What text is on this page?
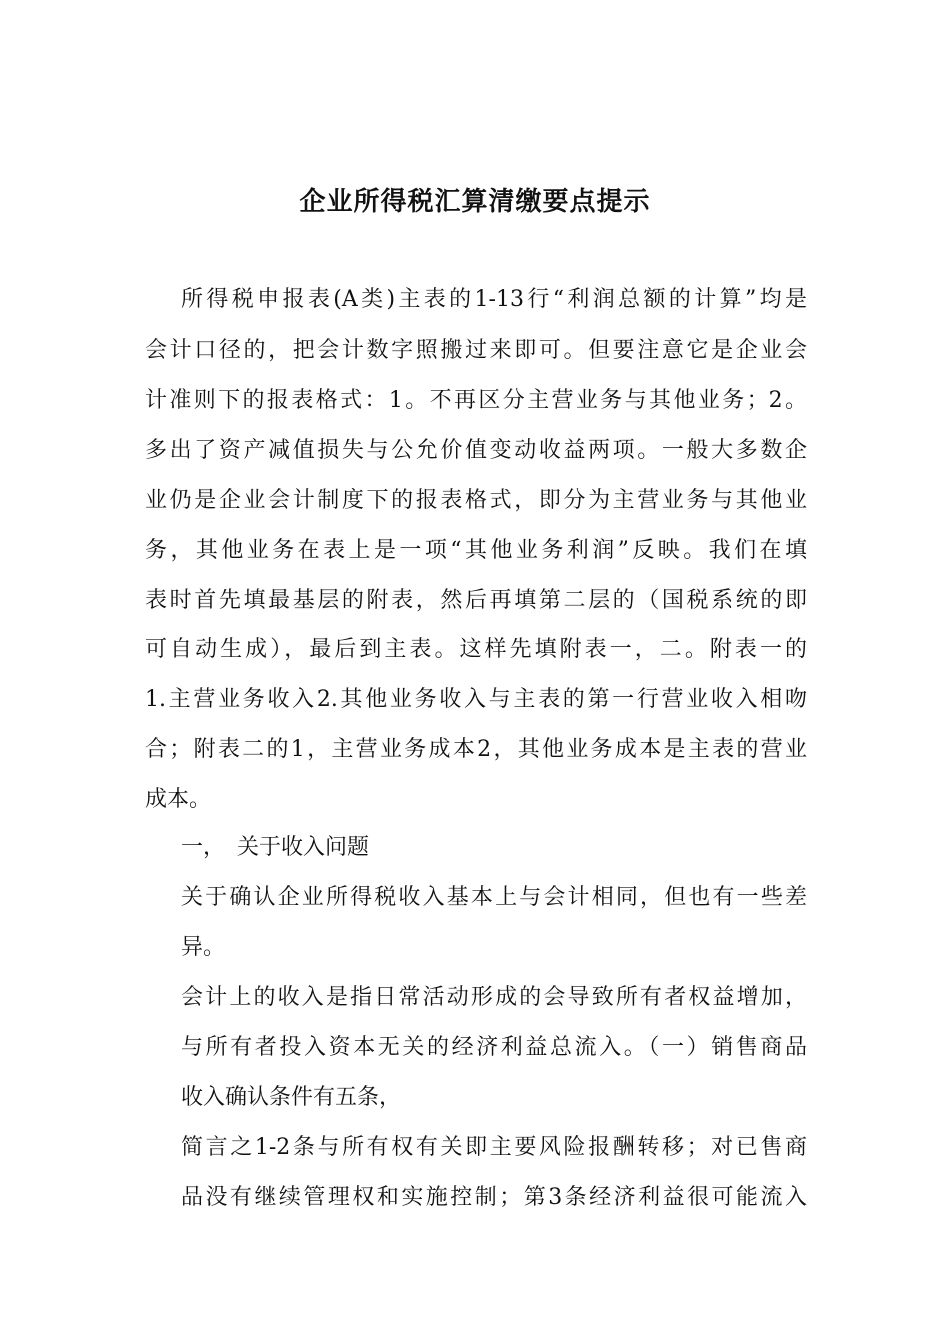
企业所得税汇算清缴要点提示

所得税申报表(A类)主表的1-13行“利润总额的计算”均是

会计口径的，把会计数字照搬过来即可。但要注意它是企业会

计准则下的报表格式：1。不再区分主营业务与其他业务；2。

多出了资产减值损失与公允价值变动收益两项。一般大多数企

业仍是企业会计制度下的报表格式，即分为主营业务与其他业

务，其他业务在表上是一项“其他业务利润”反映。我们在填

表时首先填最基层的附表，然后再填第二层的（国税系统的即

可自动生成），最后到主表。这样先填附表一，二。附表一的

1.主营业务收入2.其他业务收入与主表的第一行营业收入相吻

合；附表二的1，主营业务成本2，其他业务成本是主表的营业

成本。

一， 关于收入问题

关于确认企业所得税收入基本上与会计相同，但也有一些差

异。

会计上的收入是指日常活动形成的会导致所有者权益增加，

与所有者投入资本无关的经济利益总流入。（一）销售商品

收入确认条件有五条，

简言之1-2条与所有权有关即主要风险报酬转移；对已售商

品没有继续管理权和实施控制；第3条经济利益很可能流入
